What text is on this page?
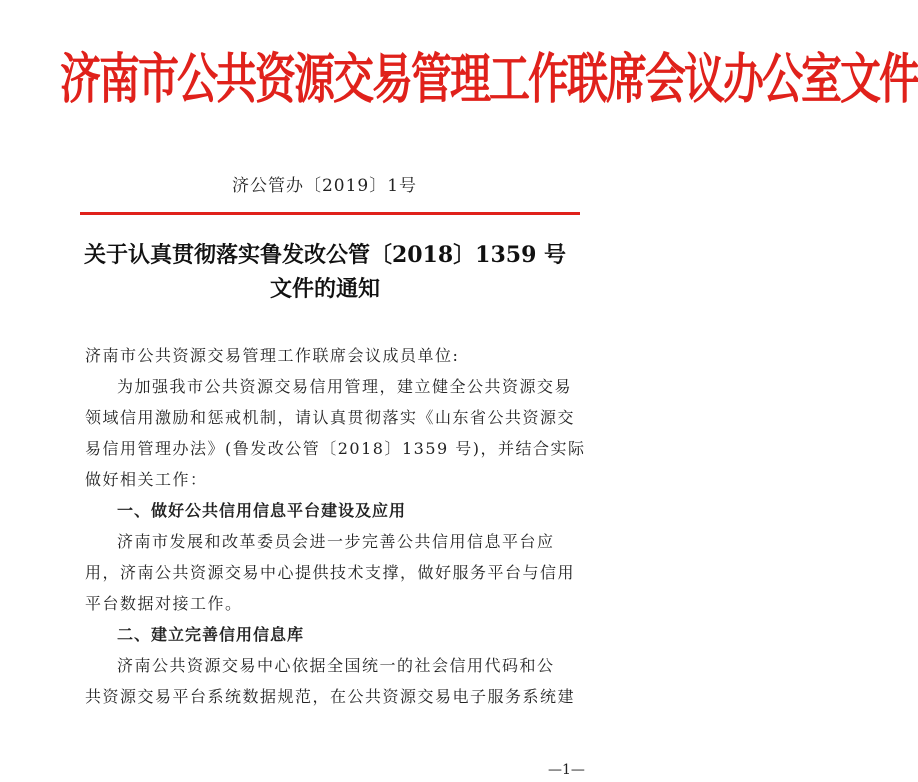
济南市公共资源交易管理工作联席会议办公室文件
济公管办〔2019〕1号
关于认真贯彻落实鲁发改公管〔2018〕1359 号
文件的通知

济南市公共资源交易管理工作联席会议成员单位:

为加强我市公共资源交易信用管理，建立健全公共资源交易
领域信用激励和惩戒机制，请认真贯彻落实《山东省公共资源交
易信用管理办法》(鲁发改公管〔2018〕1359 号)，并结合实际
做好相关工作：

一、做好公共信用信息平台建设及应用
济南市发展和改革委员会进一步完善公共信用信息平台应
用，济南公共资源交易中心提供技术支撑，做好服务平台与信用
平台数据对接工作。

二、建立完善信用信息库
济南公共资源交易中心依据全国统一的社会信用代码和公
共资源交易平台系统数据规范，在公共资源交易电子服务系统建

—1—
